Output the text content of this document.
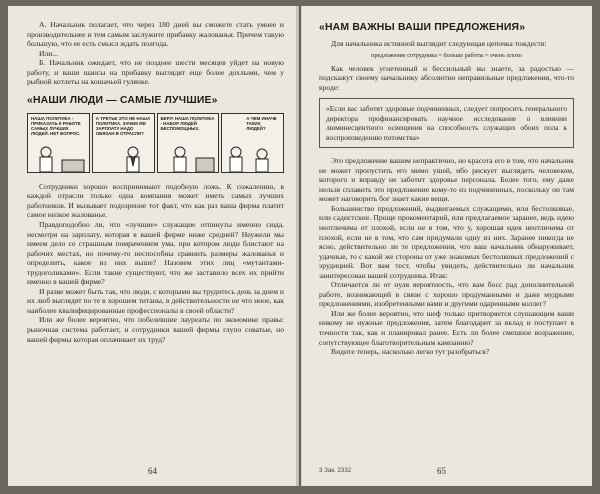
А. Начальник полагает, что через 180 дней вы сможете стать умнее и производительнее и тем самым заслужите прибавку жалованья. Причем такую большую, что ее есть смысл ждать полгода.

Или...

Б. Начальник ожидает, что не позднее шести месяцев уйдет на новую работу, и ваши шансы на прибавку выглядят еще более дохлыми, чем у рыбной котлеты на кошачьей гулянке.

«НАШИ ЛЮДИ — САМЫЕ ЛУЧШИЕ»
НАША ПОЛИТИКА - ПРИКАЗАТЬ К РАБОТЕ САМЫХ ЛУЧШИХ ЛЮДЕЙ. НЕТ ВОПРОС.
А ТРЕТЬЕ ЭТО НЕ НАША ПОЛИТИКА. ЗАЧЕМ ЖЕ ЗАРПЛАТУ НАДО ОБЯЗАН В ОТРАСЛИ?
БЕРУ! НАША ПОЛИТИКА - НАБОР ЛЮДЕЙ БЕСПОМОЩНЫХ.
А ЧЕМ ИНАЧЕ ТАКИХ ЛЮДЕЙ?

Сотрудники хорошо воспринимают подобную ложь. К сожалению, в каждой отрасли только одна компания может иметь самых лучших работников. И вызывает подозрение тот факт, что как раз ваша фирма платит самое низкое жалованье.

Правдоподобно ли, что «лучшие» служащие отпинуты именно сюда, несмотря на зарплату, которая в вашей фирме ниже средней? Неужели мы имеем дело со страшным помрачением ума, при котором люди блистают на рабочих местах, но почему-то неспособны сравнить размеры жалованья и определить, какое из них выше? Назовем этих лиц «мутантами-трудоголиками». Если такие существуют, что же заставило всех их прийти именно в вашей фирме?

И разве может быть так, что люди, с которыми вы трудитесь день за днем и их люб выглядят по те в хорошем титаны, в действительности не что иное, как наиболее квалифицированные профессионалы в своей области?

Или же более вероятно, что побелевшие лауреаты по экономике правы: рыночная система работает, и сотрудники вашей фирмы глупо соватые, но вашей фирмы которая оплачивает их труд?

64
«НАМ ВАЖНЫ ВАШИ ПРЕДЛОЖЕНИЯ»

Для начальника истинной выглядит следующая цепочка тождеств:

предложение сотрудника = больше работы = очень плохо

Как человек угнетенный и бессильный вы знаете, за радостью — подскажут своему начальнику абсолютно неправильные предложения, что-то вроде:

«Если вас заботят здоровые подчиненных, следует попросить генерального директора профинансировать научное исследование о влиянии люминесцентного освещения на способность служащих обоих пола к воспроизведению потомства»

Это предложение вашим непрактично, но красота его в том, что начальник не может пропустить его мимо ушей, ибо рискует выглядеть человеком, которого и вправду не заботит здоровье персонала. Более того, ему даже нельзя сплавить это предложение кому-то из подчиненных, поскольку он там может наговорить бог знает какие вещи.

Большинство предложений, выдвигаемых служащими, или бестолковые, или садистские. Проще прокоментарий, или предлагаемое заранее, ведь идею неотличима от плохой, если не в том, что у, хорошая идея неотличима от плохой, если не в том, что сам придумали одну из них. Заранее никогда не ясно, действительно ли те предложения, что ваш начальник обнаруживает, удачные, то с какой же стороны от уже знакомых бестолковых предложений с эрудицией. Вот вам тест, чтобы увидеть, действительно ли начальник заинтересован вашей сотрудника. Итак:

Отличается ли от нуля вероятность, что вам босс рад дополнительной работе, возникающей в связи с хорошо продуманными и даже мудрыми предложениями, изобретенными вами и другими одаренными коллег?

Или же более вероятно, что шеф только притворяется слушающим ваши никому не нужные предложения, затем благодарит за вклад и поступает в точности так, как и планировал ранее. Есть ли более смешное возражение, сопутствующее благотворительным кампанию?

Видите теперь, насколько легко тут разобраться?

3 Зак. 2332	65
